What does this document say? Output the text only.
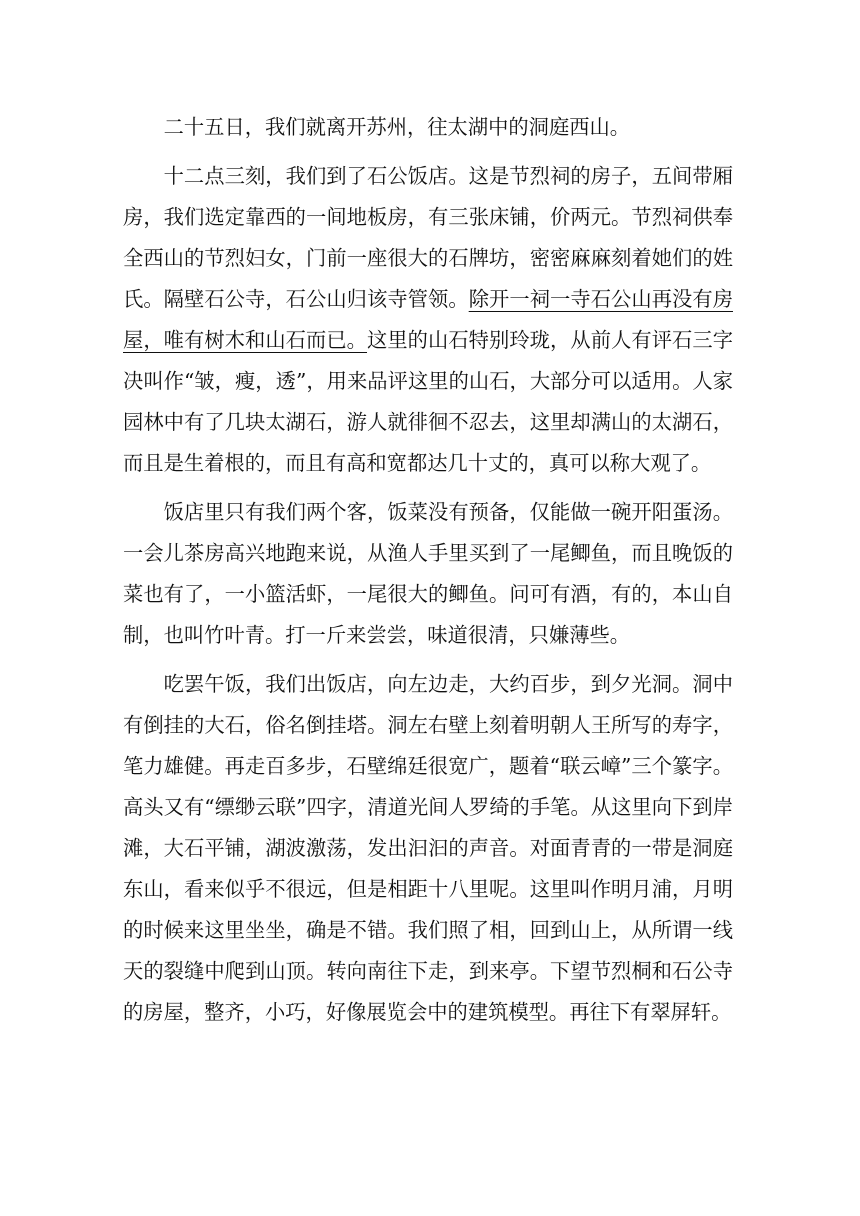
二十五日，我们就离开苏州，往太湖中的洞庭西山。

十二点三刻，我们到了石公饭店。这是节烈祠的房子，五间带厢房，我们选定靠西的一间地板房，有三张床铺，价两元。节烈祠供奉全西山的节烈妇女，门前一座很大的石牌坊，密密麻麻刻着她们的姓氏。隔壁石公寺，石公山归该寺管领。除开一祠一寺石公山再没有房屋，唯有树木和山石而已。这里的山石特别玲珑，从前人有评石三字决叫作“皱，瘦，透”，用来品评这里的山石，大部分可以适用。人家园林中有了几块太湖石，游人就徘徊不忍去，这里却满山的太湖石，而且是生着根的，而且有高和宽都达几十丈的，真可以称大观了。

饭店里只有我们两个客，饭菜没有预备，仅能做一碗开阳蛋汤。一会儿茶房高兴地跑来说，从渔人手里买到了一尾鲫鱼，而且晚饭的菜也有了，一小篮活虾，一尾很大的鲫鱼。问可有酒，有的，本山自制，也叫竹叶青。打一斤来尝尝，味道很清，只嫌薄些。

吃罢午饭，我们出饭店，向左边走，大约百步，到夕光洞。洞中有倒挂的大石，俗名倒挂塔。洞左右壁上刻着明朝人王所写的寿字，笔力雄健。再走百多步，石壁绵廷很宽广，题着“联云嶂”三个篆字。高头又有“缥缈云联”四字，清道光间人罗绮的手笔。从这里向下到岸滩，大石平铺，湖波激荡，发出汩汩的声音。对面青青的一带是洞庭东山，看来似乎不很远，但是相距十八里呢。这里叫作明月浦，月明的时候来这里坐坐，确是不错。我们照了相，回到山上，从所谓一线天的裂缝中爬到山顶。转向南往下走，到来亭。下望节烈桐和石公寺的房屋，整齐，小巧，好像展览会中的建筑模型。再往下有翠屏轩。
